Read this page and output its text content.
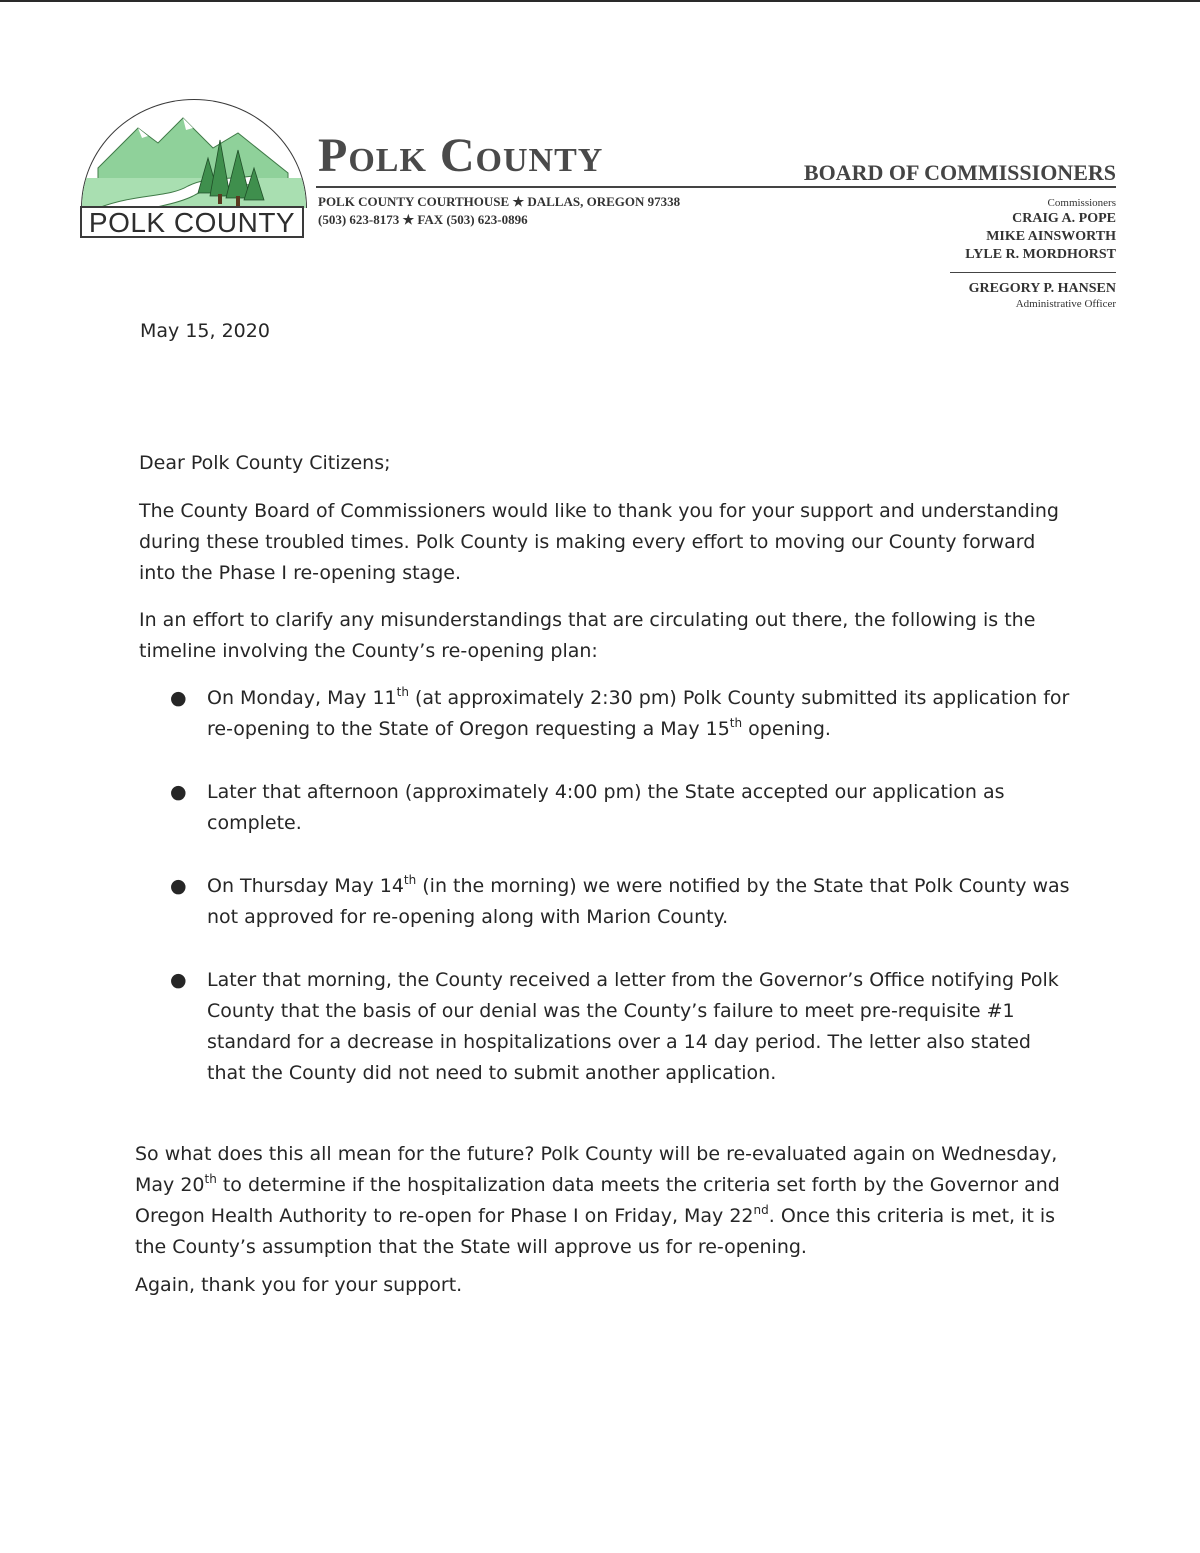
POLK COUNTY
Polk County
POLK COUNTY COURTHOUSE ★ DALLAS, OREGON 97338
(503) 623-8173 ★ FAX (503) 623-0896
BOARD OF COMMISSIONERS
Commissioners
CRAIG A. POPE
MIKE AINSWORTH
LYLE R. MORDHORST
GREGORY P. HANSEN
Administrative Officer
May 15, 2020
Dear Polk County Citizens;
The County Board of Commissioners would like to thank you for your support and understanding during these troubled times. Polk County is making every effort to moving our County forward into the Phase I re-opening stage.
In an effort to clarify any misunderstandings that are circulating out there, the following is the timeline involving the County’s re-opening plan:
● On Monday, May 11th (at approximately 2:30 pm) Polk County submitted its application for re-opening to the State of Oregon requesting a May 15th opening.
● Later that afternoon (approximately 4:00 pm) the State accepted our application as complete.
● On Thursday May 14th (in the morning) we were notified by the State that Polk County was not approved for re-opening along with Marion County.
● Later that morning, the County received a letter from the Governor’s Office notifying Polk County that the basis of our denial was the County’s failure to meet pre-requisite #1 standard for a decrease in hospitalizations over a 14 day period. The letter also stated that the County did not need to submit another application.
So what does this all mean for the future? Polk County will be re-evaluated again on Wednesday, May 20th to determine if the hospitalization data meets the criteria set forth by the Governor and Oregon Health Authority to re-open for Phase I on Friday, May 22nd. Once this criteria is met, it is the County’s assumption that the State will approve us for re-opening.
Again, thank you for your support.
